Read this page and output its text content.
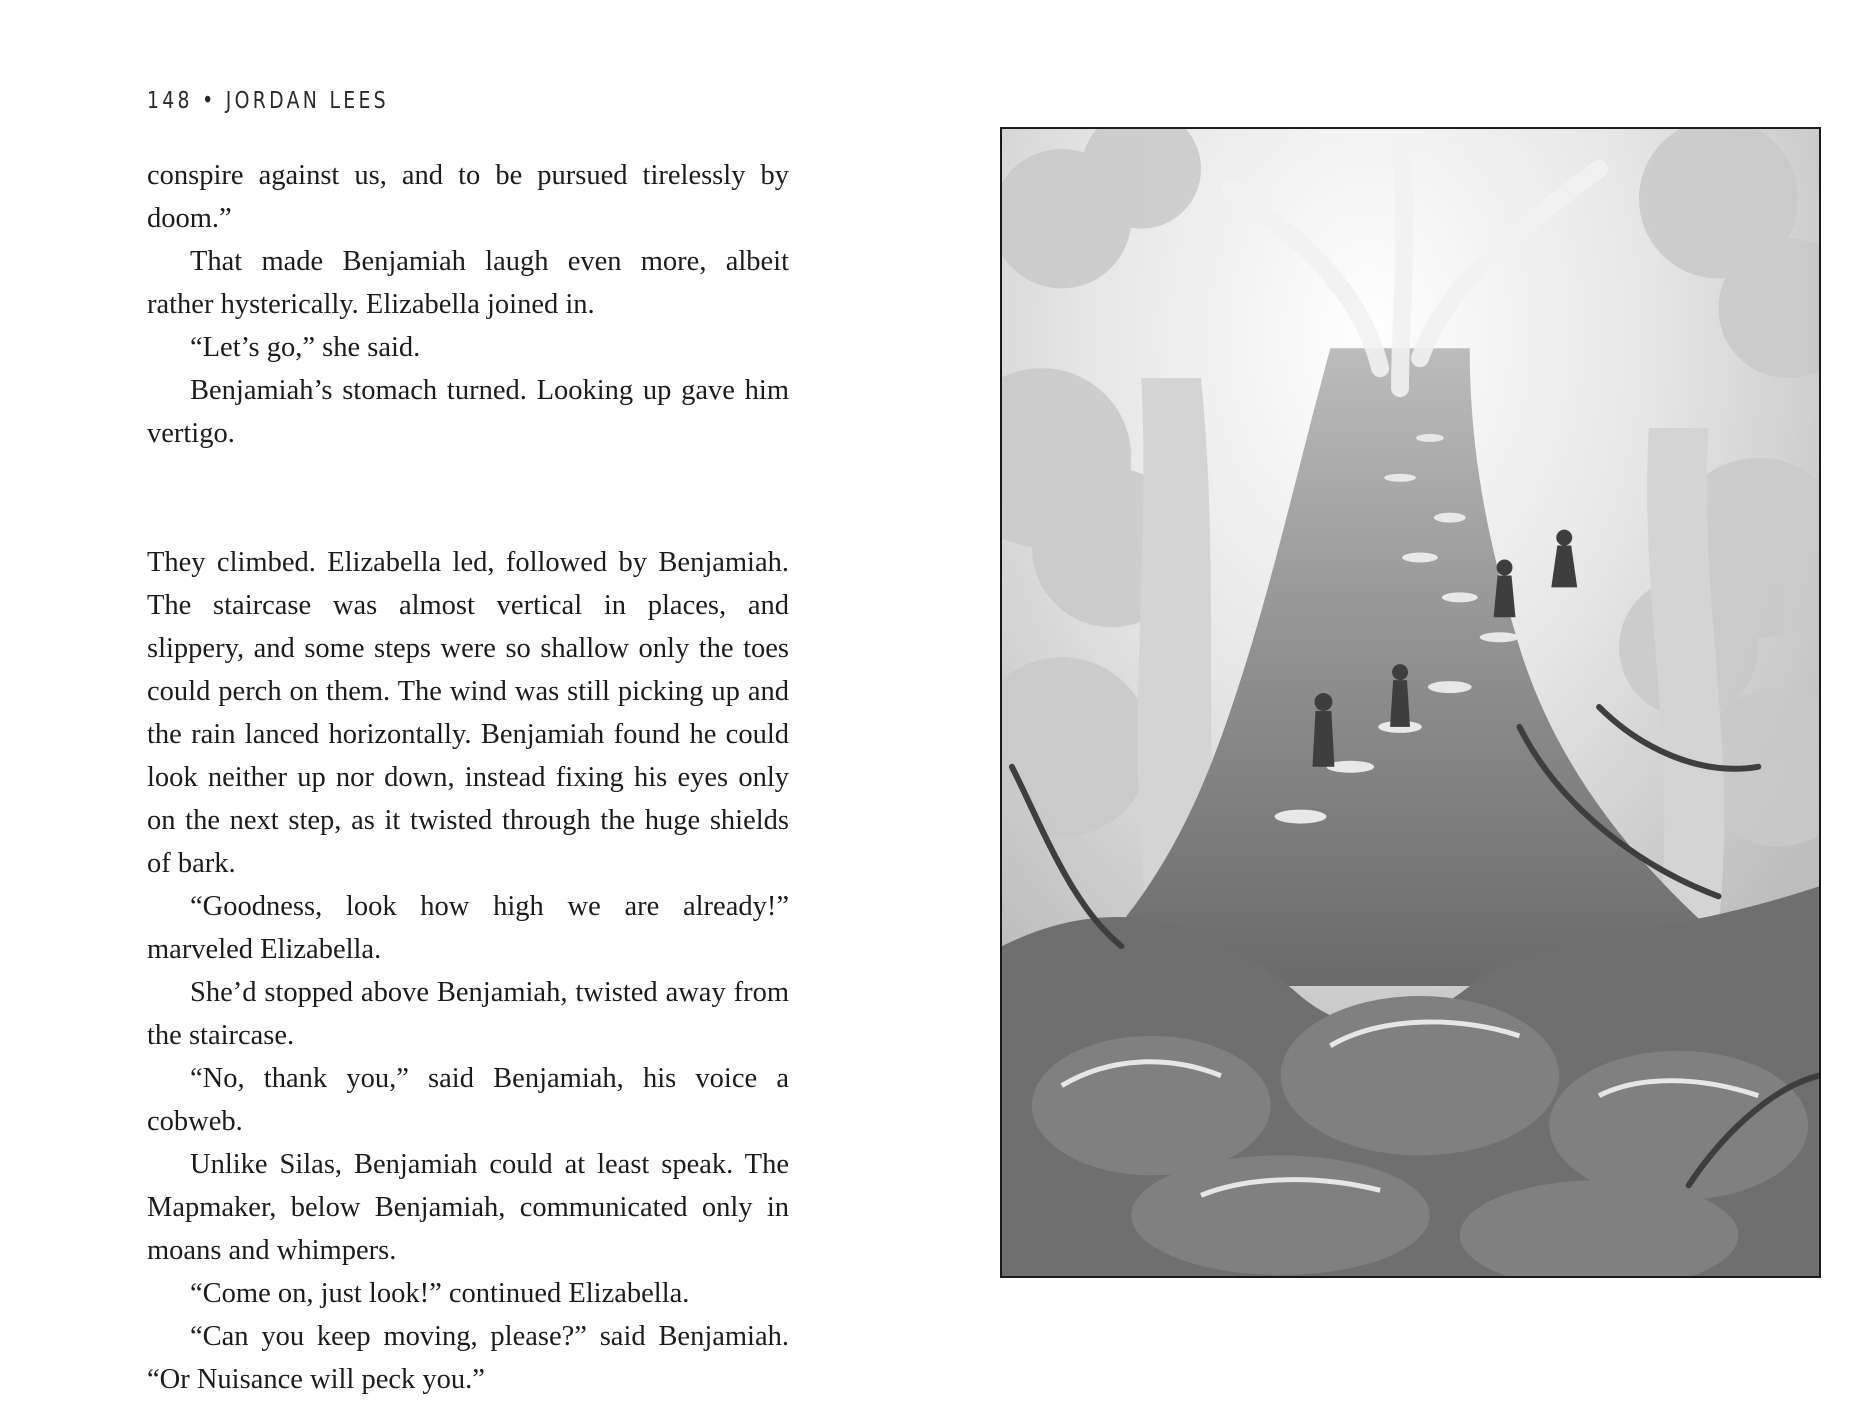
148 • JORDAN LEES

conspire against us, and to be pursued tirelessly by doom.”

That made Benjamiah laugh even more, albeit rather hysterically. Elizabella joined in.

“Let’s go,” she said.

Benjamiah’s stomach turned. Looking up gave him vertigo.

They climbed. Elizabella led, followed by Benjamiah. The staircase was almost vertical in places, and slippery, and some steps were so shallow only the toes could perch on them. The wind was still picking up and the rain lanced horizontally. Benjamiah found he could look neither up nor down, instead fixing his eyes only on the next step, as it twisted through the huge shields of bark.

“Goodness, look how high we are already!” marveled Elizabella.

She’d stopped above Benjamiah, twisted away from the staircase.

“No, thank you,” said Benjamiah, his voice a cobweb.

Unlike Silas, Benjamiah could at least speak. The Mapmaker, below Benjamiah, communicated only in moans and whimpers.

“Come on, just look!” continued Elizabella.

“Can you keep moving, please?” said Benjamiah. “Or Nuisance will peck you.”
